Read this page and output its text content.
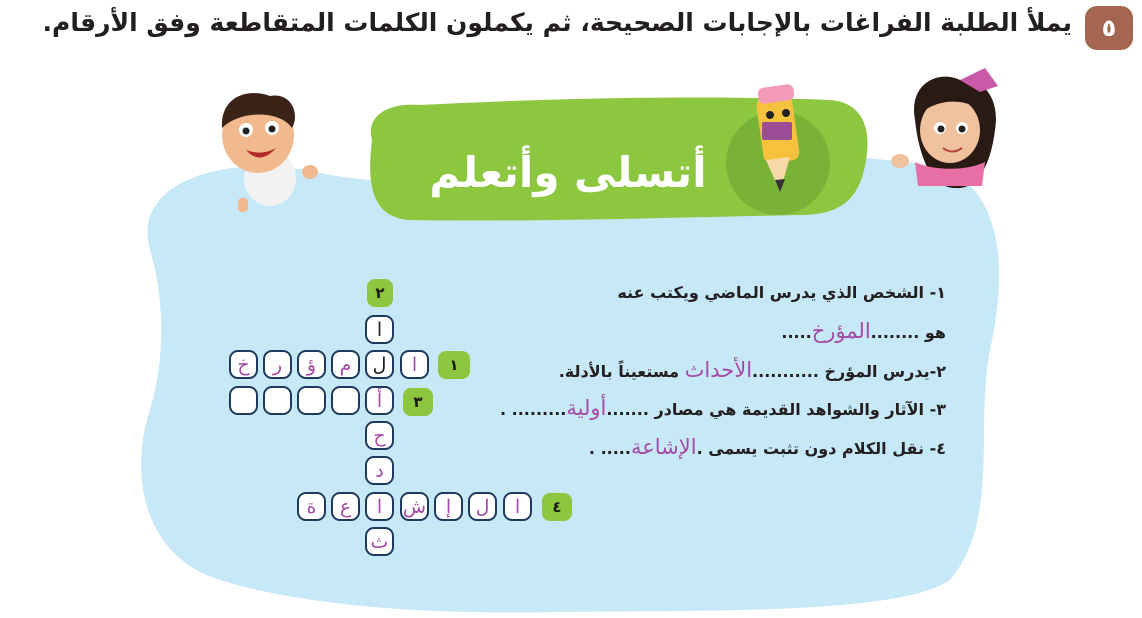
٥
يملأ الطلبة الفراغات بالإجابات الصحيحة، ثم يكملون الكلمات المتقاطعة وفق الأرقام.
أتسلى وأتعلم
١- الشخص الذي يدرس الماضي ويكتب عنه
هو ........المؤرخ.....
٢-يدرس المؤرخ ...........الأحداث مستعيناً بالأدلة.
٣- الآثار والشواهد القديمة هي مصادر .......أولية......... .
٤- نقل الكلام دون تثبت يسمى .الإشاعة..... .
٢
١
٣
٤
ا
ل
أ
ح
د
ا
ث
ا
م
ؤ
ر
خ
ا
ل
إ
ش
ع
ة
